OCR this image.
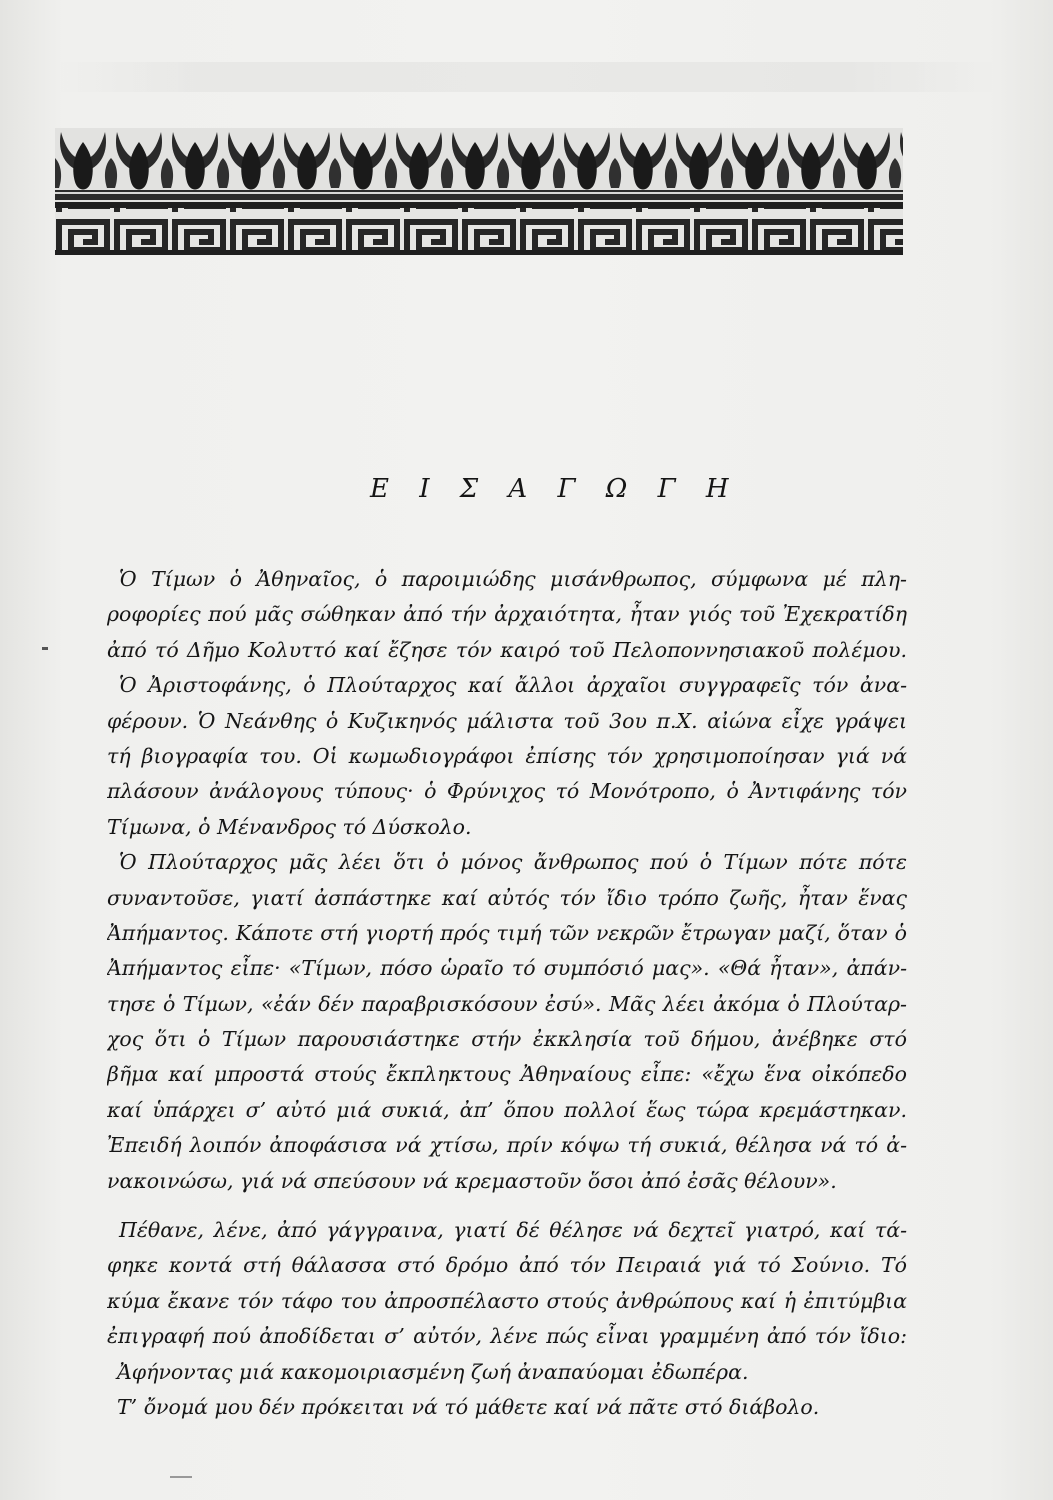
Ε Ι Σ Α Γ Ω Γ Η
Ὁ Τίμων ὁ Ἀθηναῖος, ὁ παροιμιώδης μισάνθρωπος, σύμφωνα μέ πλη-
ροφορίες πού μᾶς σώθηκαν ἀπό τήν ἀρχαιότητα, ἦταν γιός τοῦ Ἐχεκρατίδη
ἀπό τό Δῆμο Κολυττό καί ἔζησε τόν καιρό τοῦ Πελοποννησιακοῦ πολέμου.
Ὁ Ἀριστοφάνης, ὁ Πλούταρχος καί ἄλλοι ἀρχαῖοι συγγραφεῖς τόν ἀνα-
φέρουν. Ὁ Νεάνθης ὁ Κυζικηνός μάλιστα τοῦ 3ου π.Χ. αἰώνα εἶχε γράψει
τή βιογραφία του. Οἱ κωμωδιογράφοι ἐπίσης τόν χρησιμοποίησαν γιά νά
πλάσουν ἀνάλογους τύπους· ὁ Φρύνιχος τό Μονότροπο, ὁ Ἀντιφάνης τόν
Τίμωνα, ὁ Μένανδρος τό Δύσκολο.
Ὁ Πλούταρχος μᾶς λέει ὅτι ὁ μόνος ἄνθρωπος πού ὁ Τίμων πότε πότε
συναντοῦσε, γιατί ἀσπάστηκε καί αὐτός τόν ἴδιο τρόπο ζωῆς, ἦταν ἕνας
Ἀπήμαντος. Κάποτε στή γιορτή πρός τιμή τῶν νεκρῶν ἔτρωγαν μαζί, ὅταν ὁ
Ἀπήμαντος εἶπε· «Τίμων, πόσο ὡραῖο τό συμπόσιό μας». «Θά ἦταν», ἀπάν-
τησε ὁ Τίμων, «ἐάν δέν παραβρισκόσουν ἐσύ». Μᾶς λέει ἀκόμα ὁ Πλούταρ-
χος ὅτι ὁ Τίμων παρουσιάστηκε στήν ἐκκλησία τοῦ δήμου, ἀνέβηκε στό
βῆμα καί μπροστά στούς ἔκπληκτους Ἀθηναίους εἶπε: «ἔχω ἕνα οἰκόπεδο
καί ὑπάρχει σ’ αὐτό μιά συκιά, ἀπ’ ὅπου πολλοί ἕως τώρα κρεμάστηκαν.
Ἐπειδή λοιπόν ἀποφάσισα νά χτίσω, πρίν κόψω τή συκιά, θέλησα νά τό ἀ-
νακοινώσω, γιά νά σπεύσουν νά κρεμαστοῦν ὅσοι ἀπό ἐσᾶς θέλουν».
Πέθανε, λένε, ἀπό γάγγραινα, γιατί δέ θέλησε νά δεχτεῖ γιατρό, καί τά-
φηκε κοντά στή θάλασσα στό δρόμο ἀπό τόν Πειραιά γιά τό Σούνιο. Τό
κύμα ἔκανε τόν τάφο του ἀπροσπέλαστο στούς ἀνθρώπους καί ἡ ἐπιτύμβια
ἐπιγραφή πού ἀποδίδεται σ’ αὐτόν, λένε πώς εἶναι γραμμένη ἀπό τόν ἴδιο:
Ἀφήνοντας μιά κακομοιριασμένη ζωή ἀναπαύομαι ἐδωπέρα.
Τ’ ὄνομά μου δέν πρόκειται νά τό μάθετε καί νά πᾶτε στό διάβολο.
